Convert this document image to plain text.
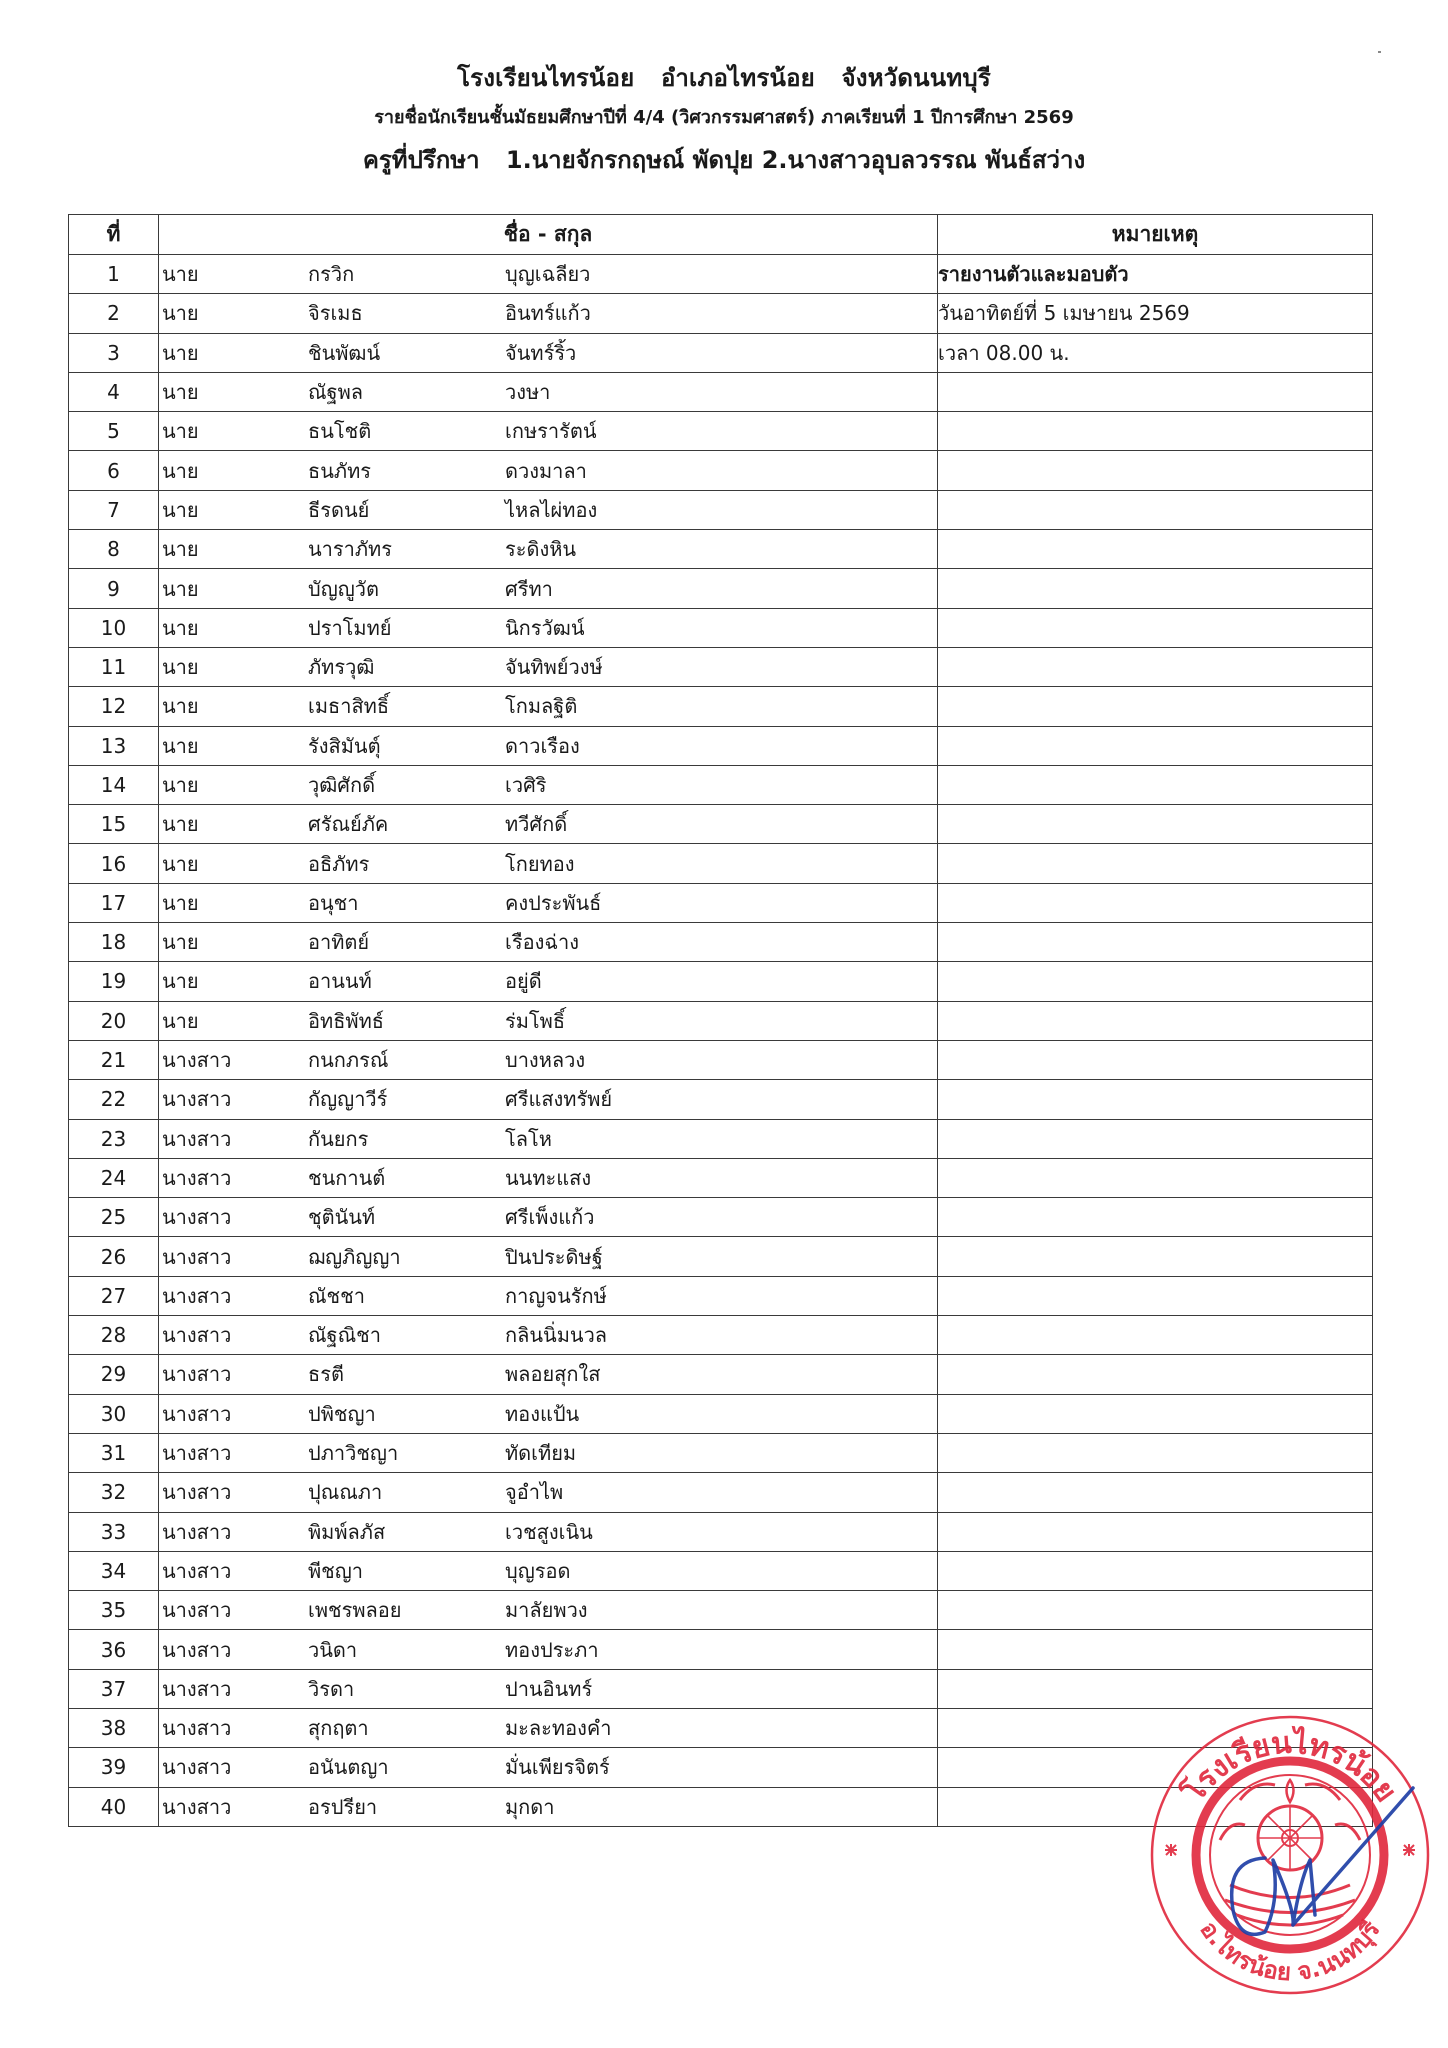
โรงเรียนไทรน้อย อำเภอไทรน้อย จังหวัดนนทบุรี
รายชื่อนักเรียนชั้นมัธยมศึกษาปีที่ 4/4 (วิศวกรรมศาสตร์) ภาคเรียนที่ 1 ปีการศึกษา 2569
ครูที่ปรึกษา 1.นายจักรกฤษณ์ พัดปุย 2.นางสาวอุบลวรรณ พันธ์สว่าง
ที่	ชื่อ - สกุล	หมายเหตุ
1	นาย กรวิก บุญเฉลียว	รายงานตัวและมอบตัว
2	นาย จิรเมธ อินทร์แก้ว	วันอาทิตย์ที่ 5 เมษายน 2569
3	นาย ชินพัฒน์ จันทร์ริ้ว	เวลา 08.00 น.
4	นาย ณัฐพล วงษา	

5	นาย ธนโชติ เกษรารัตน์	

6	นาย ธนภัทร ดวงมาลา	

7	นาย ธีรดนย์ ไหลไผ่ทอง	

8	นาย นาราภัทร ระดิงหิน	

9	นาย บัญญูวัต ศรีทา	

10	นาย ปราโมทย์ นิกรวัฒน์	

11	นาย ภัทรวุฒิ จันทิพย์วงษ์	

12	นาย เมธาสิทธิ์ โกมลฐิติ	

13	นาย รังสิมันต์ุ ดาวเรือง	

14	นาย วุฒิศักดิ์ เวศิริ	

15	นาย ศรัณย์ภัค ทวีศักดิ์	

16	นาย อธิภัทร โกยทอง	

17	นาย อนุชา คงประพันธ์	

18	นาย อาทิตย์ เรืองฉ่าง	

19	นาย อานนท์ อยู่ดี	

20	นาย อิทธิพัทธ์ ร่มโพธิ์	

21	นางสาว กนกภรณ์ บางหลวง	

22	นางสาว กัญญาวีร์ ศรีแสงทรัพย์	

23	นางสาว กันยกร โลโห	

24	นางสาว ชนกานต์ นนทะแสง	

25	นางสาว ชุตินันท์ ศรีเพ็งแก้ว	

26	นางสาว ฌญภิญญา ปินประดิษฐ์	

27	นางสาว ณัชชา กาญจนรักษ์	

28	นางสาว ณัฐณิชา กลินนิ่มนวล	

29	นางสาว ธรตี พลอยสุกใส	

30	นางสาว ปพิชญา ทองแป้น	

31	นางสาว ปภาวิชญา ทัดเทียม	

32	นางสาว ปุณณภา จูอำไพ	

33	นางสาว พิมพ์ลภัส เวชสูงเนิน	

34	นางสาว พีชญา บุญรอด	

35	นางสาว เพชรพลอย มาลัยพวง	

36	นางสาว วนิดา ทองประภา	

37	นางสาว วิรดา ปานอินทร์	

38	นางสาว สุกฤตา มะละทองคำ	

39	นางสาว อนันตญา มั่นเพียรจิตร์	

40	นางสาว อรปรียา มุกดา	
		โรงเรียนไทรน้อย
อ.ไทรน้อย จ.นนทบุรี
